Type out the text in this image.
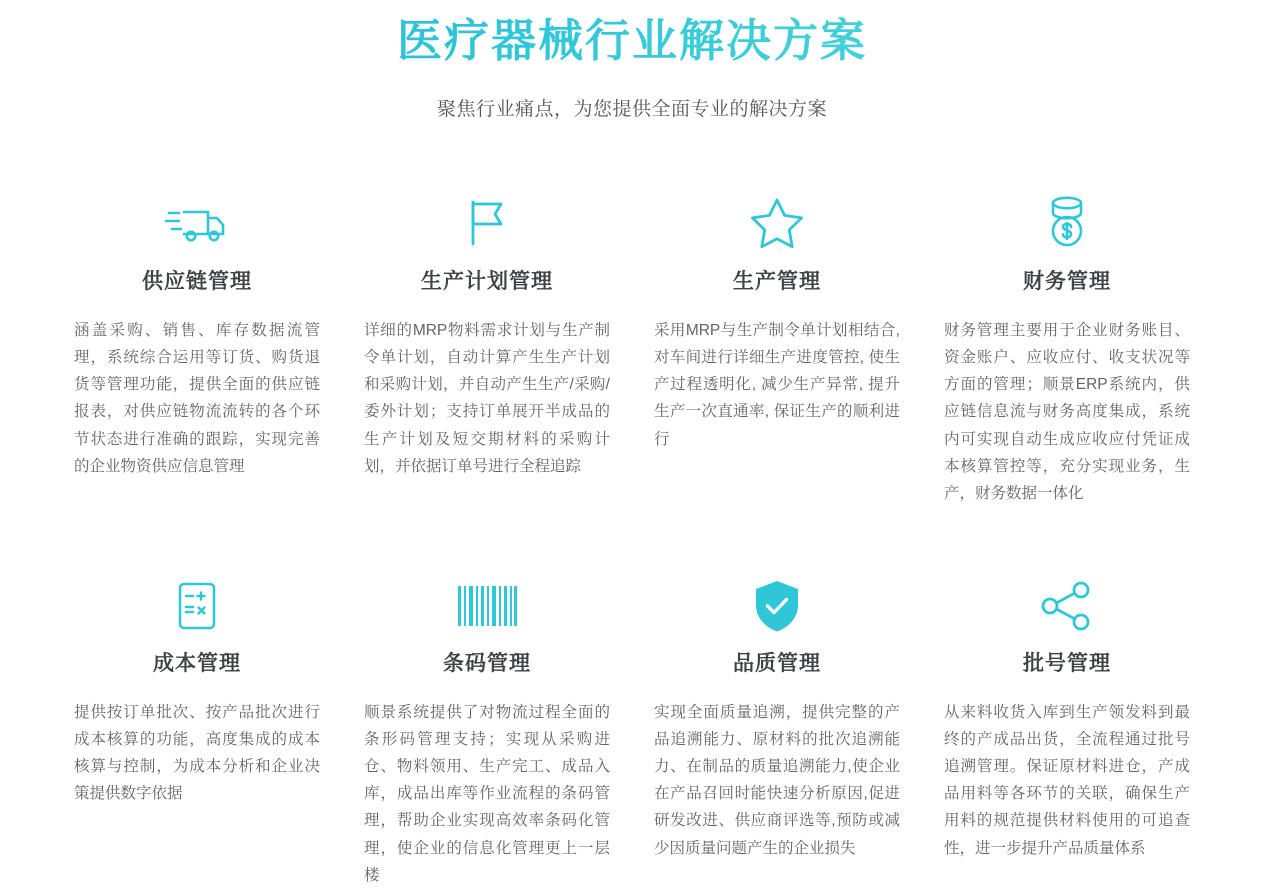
医疗器械行业解决方案

聚焦行业痛点，为您提供全面专业的解决方案

供应链管理

涵盖采购、销售、库存数据流管理，系统综合运用等订货、购货退货等管理功能，提供全面的供应链报表，对供应链物流流转的各个环节状态进行准确的跟踪，实现完善的企业物资供应信息管理

生产计划管理

详细的MRP物料需求计划与生产制令单计划，自动计算产生生产计划和采购计划，并自动产生生产/采购/委外计划；支持订单展开半成品的生产计划及短交期材料的采购计划，并依据订单号进行全程追踪

生产管理

采用MRP与生产制令单计划相结合, 对车间进行详细生产进度管控, 使生产过程透明化, 减少生产异常, 提升生产一次直通率, 保证生产的顺利进行

财务管理

财务管理主要用于企业财务账目、资金账户、应收应付、收支状况等方面的管理；顺景ERP系统内，供应链信息流与财务高度集成，系统内可实现自动生成应收应付凭证成本核算管控等，充分实现业务，生产，财务数据一体化

成本管理

提供按订单批次、按产品批次进行成本核算的功能，高度集成的成本核算与控制，为成本分析和企业决策提供数字依据

条码管理

顺景系统提供了对物流过程全面的条形码管理支持；实现从采购进仓、物料领用、生产完工、成品入库，成品出库等作业流程的条码管理，帮助企业实现高效率条码化管理，使企业的信息化管理更上一层楼

品质管理

实现全面质量追溯，提供完整的产品追溯能力、原材料的批次追溯能力、在制品的质量追溯能力,使企业在产品召回时能快速分析原因,促进研发改进、供应商评选等,预防或减少因质量问题产生的企业损失

批号管理

从来料收货入库到生产领发料到最终的产成品出货，全流程通过批号追溯管理。保证原材料进仓，产成品用料等各环节的关联，确保生产用料的规范提供材料使用的可追查性，进一步提升产品质量体系
